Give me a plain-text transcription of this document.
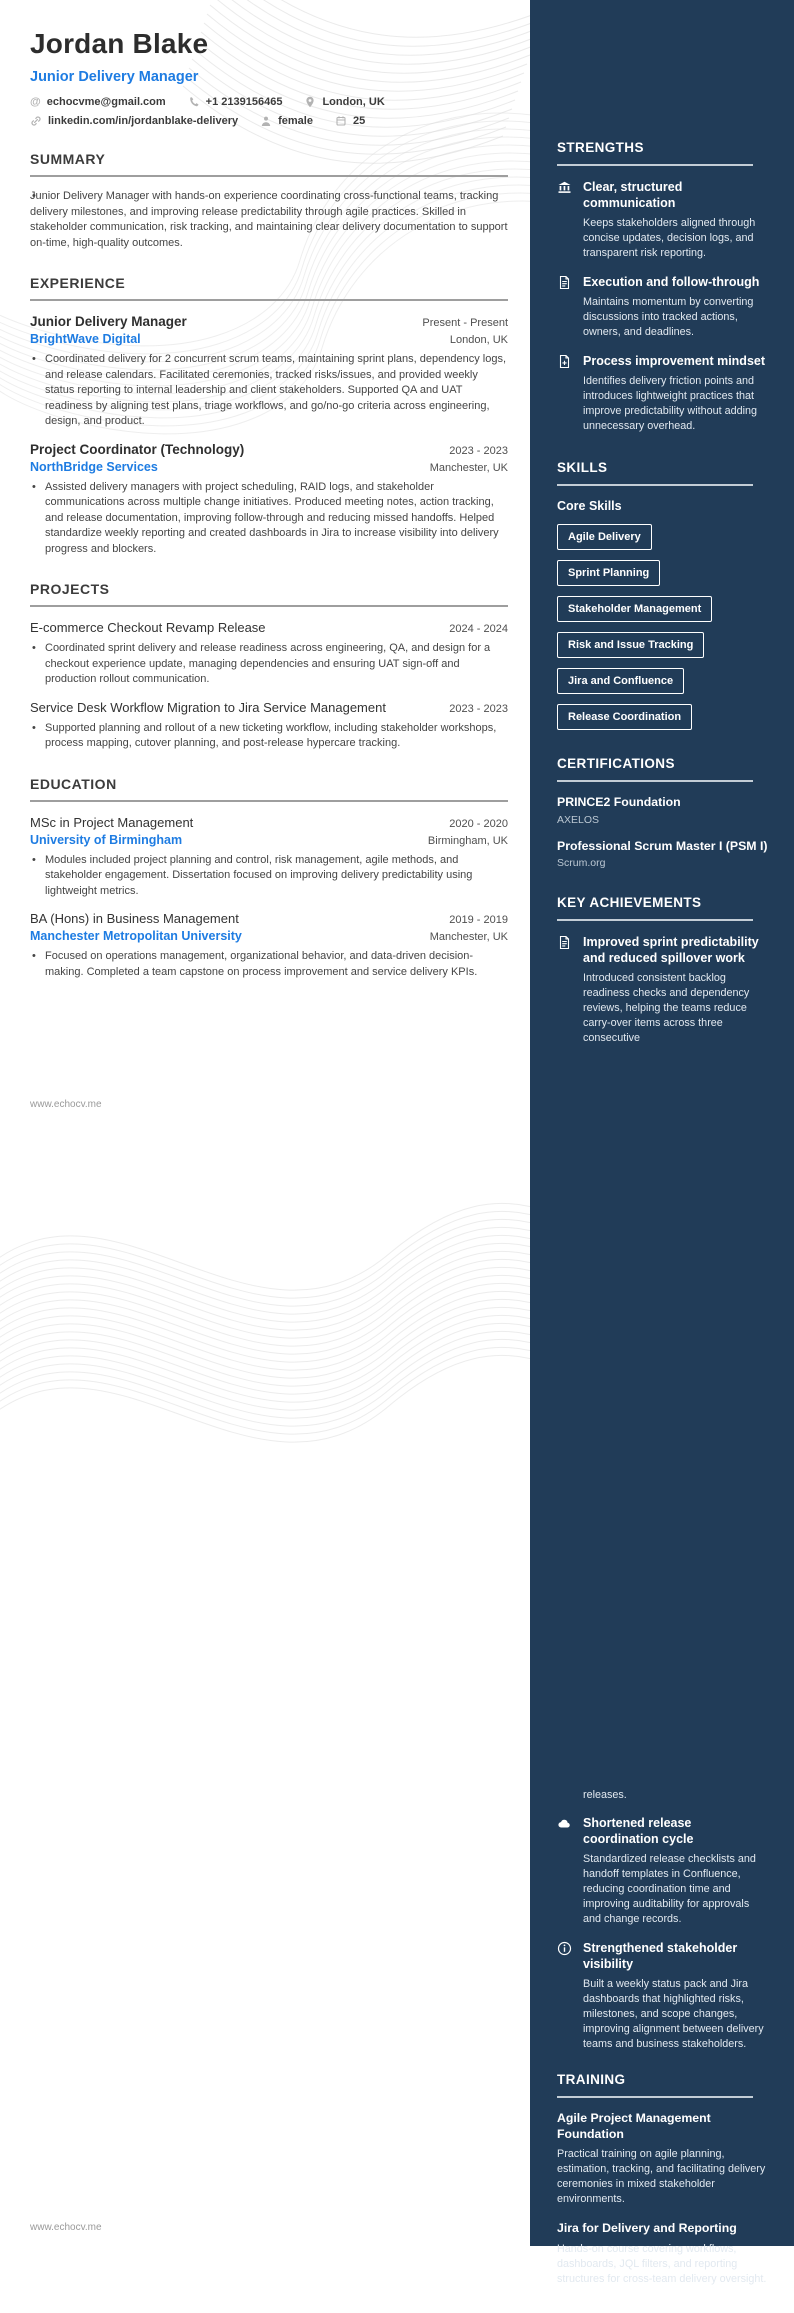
Jordan Blake
Junior Delivery Manager
@
echocvme@gmail.com	+1 2139156465	London, UK
linkedin.com/in/jordanblake-delivery	female	25
SUMMARY
• Junior Delivery Manager with hands-on experience coordinating cross-functional teams, tracking delivery milestones, and improving release predictability through agile practices. Skilled in stakeholder communication, risk tracking, and maintaining clear delivery documentation to support on-time, high-quality outcomes.
EXPERIENCE
Junior Delivery Manager	Present - Present
BrightWave Digital	London, UK
• Coordinated delivery for 2 concurrent scrum teams, maintaining sprint plans, dependency logs, and release calendars. Facilitated ceremonies, tracked risks/issues, and provided weekly status reporting to internal leadership and client stakeholders. Supported QA and UAT readiness by aligning test plans, triage workflows, and go/no-go criteria across engineering, design, and product.
Project Coordinator (Technology)	2023 - 2023
NorthBridge Services	Manchester, UK
• Assisted delivery managers with project scheduling, RAID logs, and stakeholder communications across multiple change initiatives. Produced meeting notes, action tracking, and release documentation, improving follow-through and reducing missed handoffs. Helped standardize weekly reporting and created dashboards in Jira to increase visibility into delivery progress and blockers.
PROJECTS
E-commerce Checkout Revamp Release	2024 - 2024
• Coordinated sprint delivery and release readiness across engineering, QA, and design for a checkout experience update, managing dependencies and ensuring UAT sign-off and production rollout communication.
Service Desk Workflow Migration to Jira Service Management	2023 - 2023
• Supported planning and rollout of a new ticketing workflow, including stakeholder workshops, process mapping, cutover planning, and post-release hypercare tracking.
EDUCATION
MSc in Project Management	2020 - 2020
University of Birmingham	Birmingham, UK
• Modules included project planning and control, risk management, agile methods, and stakeholder engagement. Dissertation focused on improving delivery predictability using lightweight metrics.
BA (Hons) in Business Management	2019 - 2019
Manchester Metropolitan University	Manchester, UK
• Focused on operations management, organizational behavior, and data-driven decision-making. Completed a team capstone on process improvement and service delivery KPIs.
www.echocv.me
www.echocv.me
STRENGTHS
Clear, structured communication
Keeps stakeholders aligned through concise updates, decision logs, and transparent risk reporting.
Execution and follow-through
Maintains momentum by converting discussions into tracked actions, owners, and deadlines.
Process improvement mindset
Identifies delivery friction points and introduces lightweight practices that improve predictability without adding unnecessary overhead.
SKILLS
Core Skills
Agile Delivery
Sprint Planning
Stakeholder Management
Risk and Issue Tracking
Jira and Confluence
Release Coordination
CERTIFICATIONS
PRINCE2 Foundation
AXELOS
Professional Scrum Master I (PSM I)
Scrum.org
KEY ACHIEVEMENTS
Improved sprint predictability and reduced spillover work
Introduced consistent backlog readiness checks and dependency reviews, helping the teams reduce carry-over items across three consecutive
releases.
Shortened release coordination cycle
Standardized release checklists and handoff templates in Confluence, reducing coordination time and improving auditability for approvals and change records.
Strengthened stakeholder visibility
Built a weekly status pack and Jira dashboards that highlighted risks, milestones, and scope changes, improving alignment between delivery teams and business stakeholders.
TRAINING
Agile Project Management Foundation
Practical training on agile planning, estimation, tracking, and facilitating delivery ceremonies in mixed stakeholder environments.
Jira for Delivery and Reporting
Hands-on course covering workflows, dashboards, JQL filters, and reporting structures for cross-team delivery oversight.
